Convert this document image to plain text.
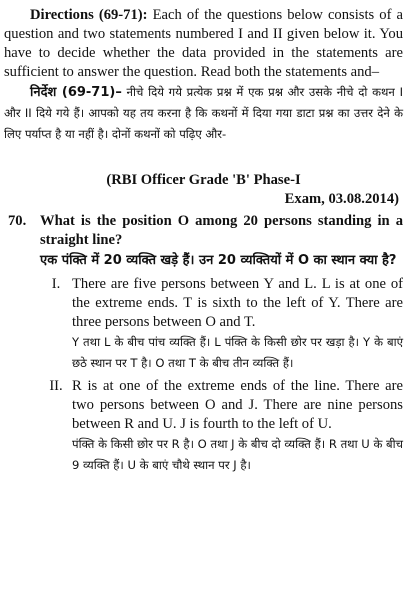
Directions (69-71): Each of the questions below consists of a question and two statements numbered I and II given below it. You have to decide whether the data provided in the statements are sufficient to answer the question. Read both the statements and–

निर्देश (69-71)– नीचे दिये गये प्रत्येक प्रश्न में एक प्रश्न और उसके नीचे दो कथन I और II दिये गये हैं। आपको यह तय करना है कि कथनों में दिया गया डाटा प्रश्न का उत्तर देने के लिए पर्याप्त है या नहीं है। दोनों कथनों को पढ़िए और-

(RBI Officer Grade 'B' Phase-I
Exam, 03.08.2014)
70. What is the position O among 20 persons standing in a straight line?

एक पंक्ति में 20 व्यक्ति खड़े हैं। उन 20 व्यक्तियों में O का स्थान क्या है?

I. There are five persons between Y and L. L is at one of the extreme ends. T is sixth to the left of Y. There are three persons between O and T.

Y तथा L के बीच पांच व्यक्ति हैं। L पंक्ति के किसी छोर पर खड़ा है। Y के बाएं छठे स्थान पर T है। O तथा T के बीच तीन व्यक्ति हैं।

II. R is at one of the extreme ends of the line. There are two persons between O and J. There are nine persons between R and U. J is fourth to the left of U.

पंक्ति के किसी छोर पर R है। O तथा J के बीच दो व्यक्ति हैं। R तथा U के बीच 9 व्यक्ति हैं। U के बाएं चौथे स्थान पर J है।
